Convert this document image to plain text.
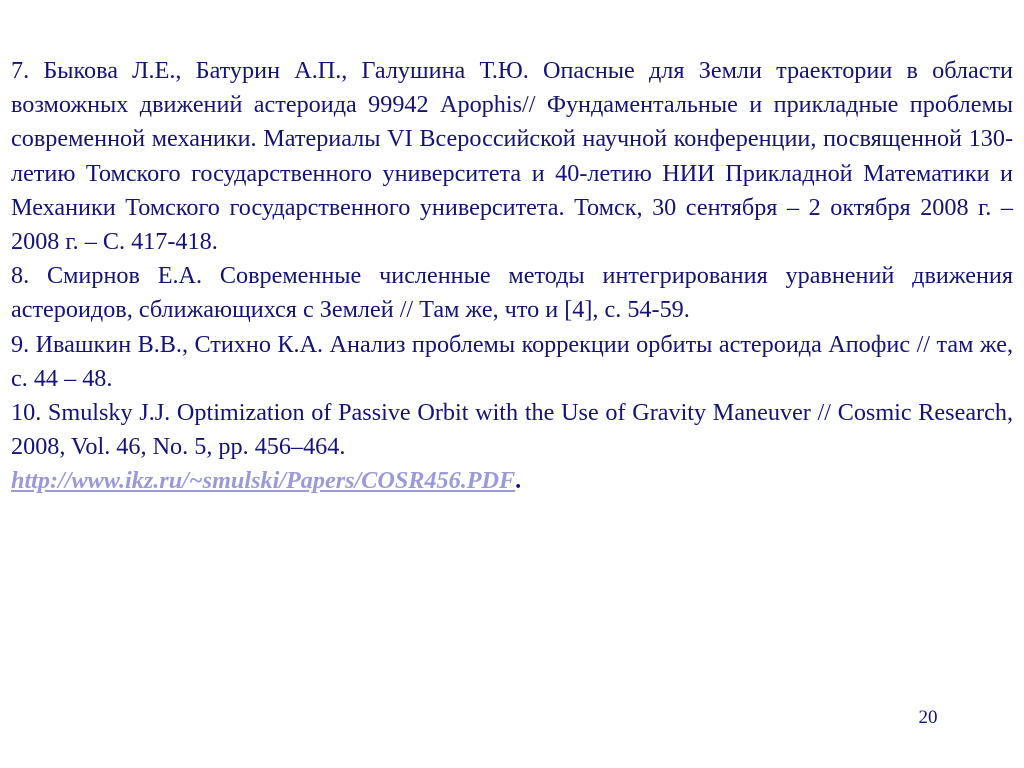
7. Быкова Л.Е., Батурин А.П., Галушина Т.Ю. Опасные для Земли траектории в области возможных движений астероида 99942 Apophis// Фундаментальные и прикладные проблемы современной механики. Материалы VI Всероссийской научной конференции, посвященной 130-летию Томского государственного университета и 40-летию НИИ Прикладной Математики и Механики Томского государственного университета. Томск, 30 сентября – 2 октября 2008 г. – 2008 г. – С. 417-418.

8. Смирнов Е.А. Современные численные методы интегрирования уравнений движения астероидов, сближающихся с Землей // Там же, что и [4], с. 54-59.

9. Ивашкин В.В., Стихно К.А. Анализ проблемы коррекции орбиты астероида Апофис // там же, с. 44 – 48.

10. Smulsky J.J. Optimization of Passive Orbit with the Use of Gravity Maneuver // Cosmic Research, 2008, Vol. 46, No. 5, pp. 456–464.
http://www.ikz.ru/~smulski/Papers/COSR456.PDF.

20
